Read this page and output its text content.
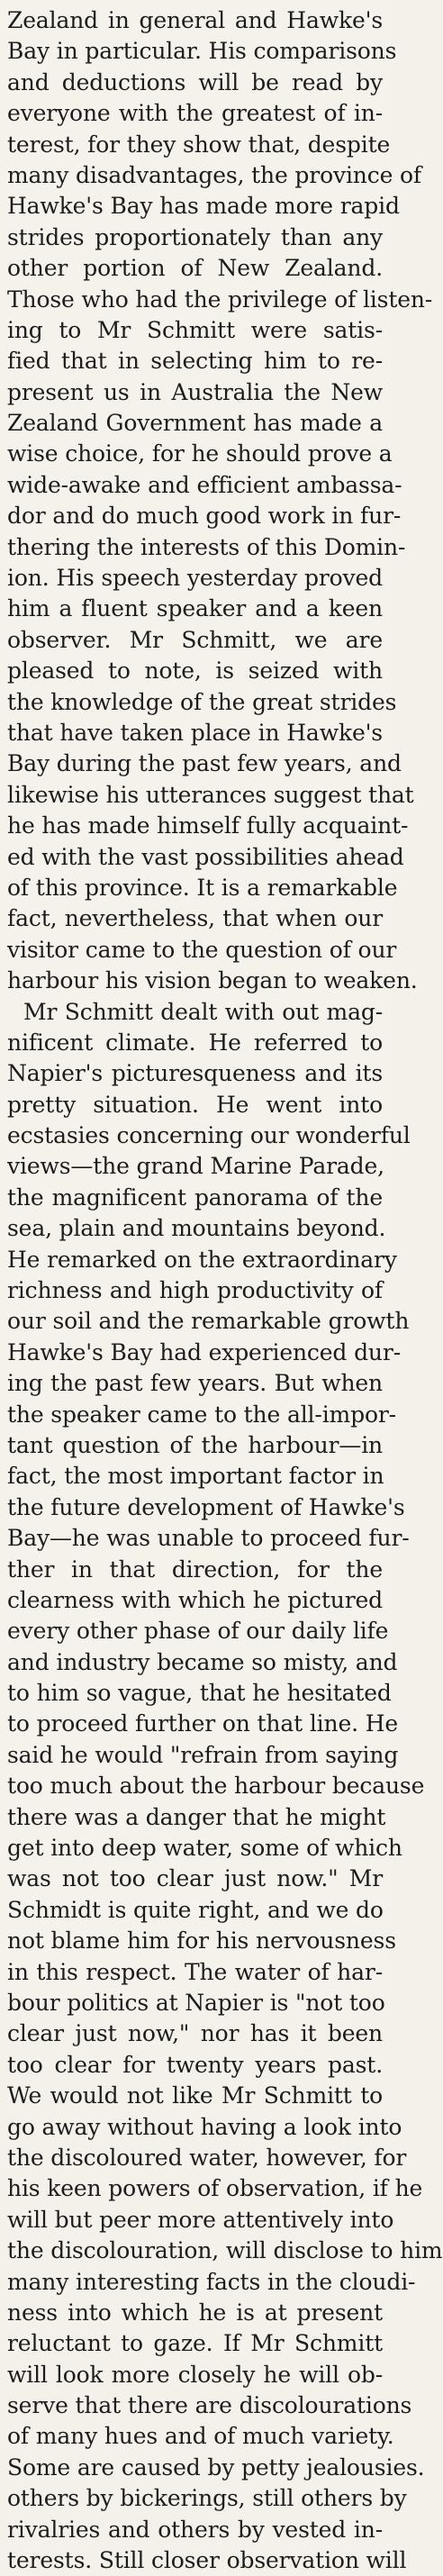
Zealand in general and Hawke's
Bay in particular. His comparisons
and deductions will be read by
everyone with the greatest of in-
terest, for they show that, despite
many disadvantages, the province of
Hawke's Bay has made more rapid
strides proportionately than any
other portion of New Zealand.
Those who had the privilege of listen-
ing to Mr Schmitt were satis-
fied that in selecting him to re-
present us in Australia the New
Zealand Government has made a
wise choice, for he should prove a
wide-awake and efficient ambassa-
dor and do much good work in fur-
thering the interests of this Domin-
ion. His speech yesterday proved
him a fluent speaker and a keen
observer. Mr Schmitt, we are
pleased to note, is seized with
the knowledge of the great strides
that have taken place in Hawke's
Bay during the past few years, and
likewise his utterances suggest that
he has made himself fully acquaint-
ed with the vast possibilities ahead
of this province. It is a remarkable
fact, nevertheless, that when our
visitor came to the question of our
harbour his vision began to weaken.
Mr Schmitt dealt with out mag-
nificent climate. He referred to
Napier's picturesqueness and its
pretty situation. He went into
ecstasies concerning our wonderful
views—the grand Marine Parade,
the magnificent panorama of the
sea, plain and mountains beyond.
He remarked on the extraordinary
richness and high productivity of
our soil and the remarkable growth
Hawke's Bay had experienced dur-
ing the past few years. But when
the speaker came to the all-impor-
tant question of the harbour—in
fact, the most important factor in
the future development of Hawke's
Bay—he was unable to proceed fur-
ther in that direction, for the
clearness with which he pictured
every other phase of our daily life
and industry became so misty, and
to him so vague, that he hesitated
to proceed further on that line. He
said he would "refrain from saying
too much about the harbour because
there was a danger that he might
get into deep water, some of which
was not too clear just now." Mr
Schmidt is quite right, and we do
not blame him for his nervousness
in this respect. The water of har-
bour politics at Napier is "not too
clear just now," nor has it been
too clear for twenty years past.
We would not like Mr Schmitt to
go away without having a look into
the discoloured water, however, for
his keen powers of observation, if he
will but peer more attentively into
the discolouration, will disclose to him
many interesting facts in the cloudi-
ness into which he is at present
reluctant to gaze. If Mr Schmitt
will look more closely he will ob-
serve that there are discolourations
of many hues and of much variety.
Some are caused by petty jealousies.
others by bickerings, still others by
rivalries and others by vested in-
terests. Still closer observation will
